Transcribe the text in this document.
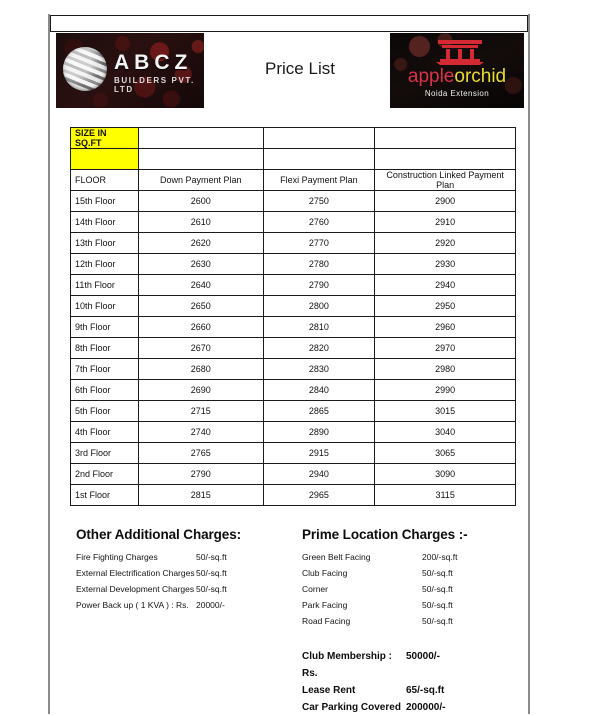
ABCZ
BUILDERS PVT. LTD
Price List	appleorchid
Noida Extension
SIZE IN SQ.FT			

FLOOR	Down Payment Plan	Flexi Payment Plan	Construction Linked Payment Plan
15th Floor	2600	2750	2900
14th Floor	2610	2760	2910
13th Floor	2620	2770	2920
12th Floor	2630	2780	2930
11th Floor	2640	2790	2940
10th Floor	2650	2800	2950
9th Floor	2660	2810	2960
8th Floor	2670	2820	2970
7th Floor	2680	2830	2980
6th Floor	2690	2840	2990
5th Floor	2715	2865	3015
4th Floor	2740	2890	3040
3rd Floor	2765	2915	3065
2nd Floor	2790	2940	3090
1st Floor	2815	2965	3115
Other Additional Charges:
Fire Fighting Charges	50/-sq.ft
External Electrification Charges 50/-sq.ft
External Development Charges 50/-sq.ft
Power Back up ( 1 KVA ) : Rs. 20000/-
Prime Location Charges :-
Green Belt Facing	200/-sq.ft
Club Facing	50/-sq.ft
Corner	50/-sq.ft
Park Facing	50/-sq.ft
Road Facing	50/-sq.ft
Club Membership : Rs.
50000/-
Lease Rent	65/-sq.ft
Car Parking Covered 200000/-
